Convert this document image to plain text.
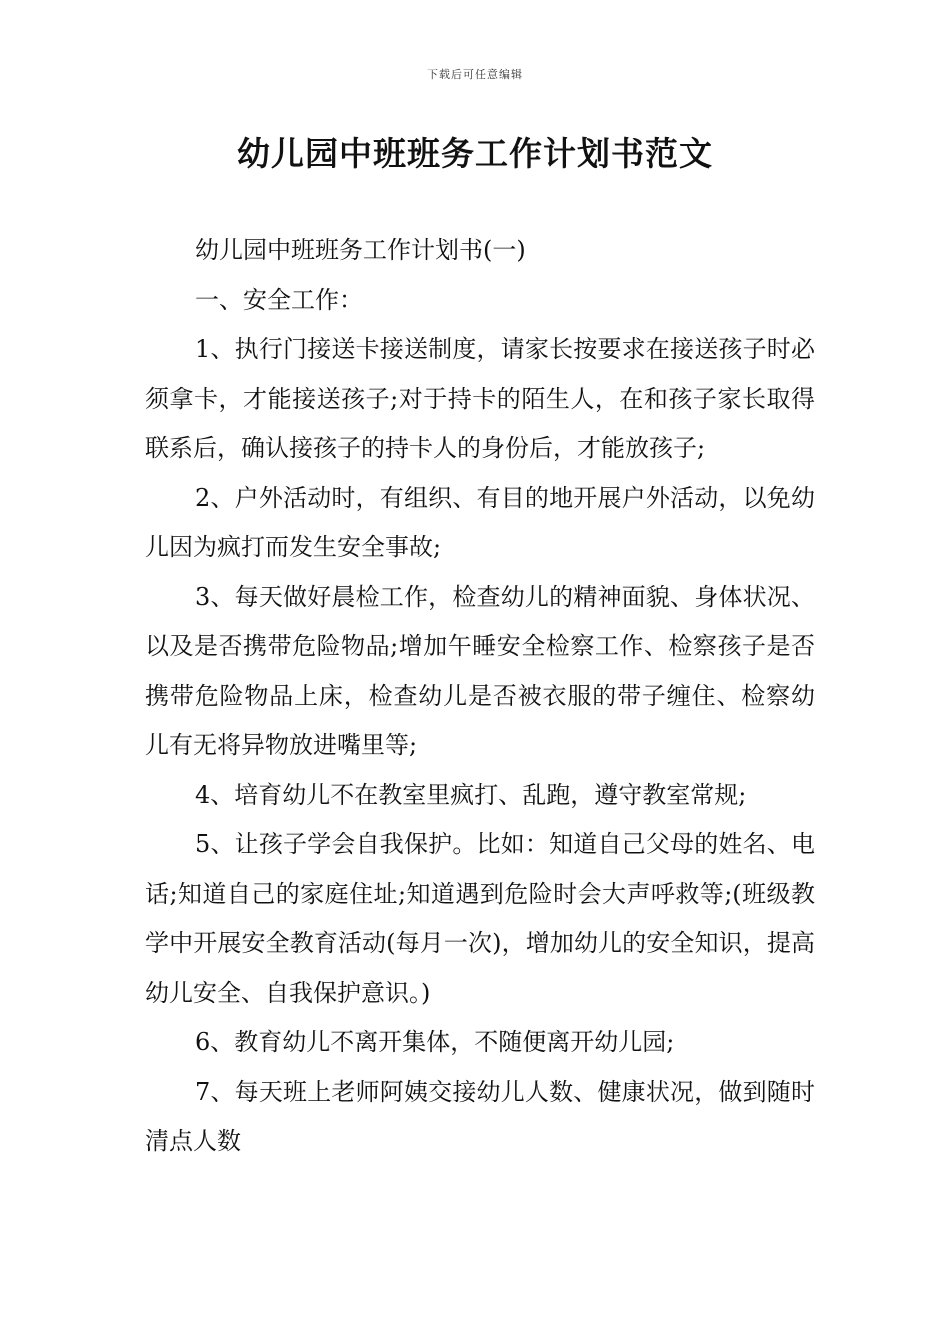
下载后可任意编辑
幼儿园中班班务工作计划书范文

幼儿园中班班务工作计划书(一)

一、安全工作：

1、执行门接送卡接送制度，请家长按要求在接送孩子时必须拿卡，才能接送孩子;对于持卡的陌生人，在和孩子家长取得联系后，确认接孩子的持卡人的身份后，才能放孩子;

2、户外活动时，有组织、有目的地开展户外活动，以免幼儿因为疯打而发生安全事故;

3、每天做好晨检工作，检查幼儿的精神面貌、身体状况、以及是否携带危险物品;增加午睡安全检察工作、检察孩子是否携带危险物品上床，检查幼儿是否被衣服的带子缠住、检察幼儿有无将异物放进嘴里等;

4、培育幼儿不在教室里疯打、乱跑，遵守教室常规;

5、让孩子学会自我保护。比如：知道自己父母的姓名、电话;知道自己的家庭住址;知道遇到危险时会大声呼救等;(班级教学中开展安全教育活动(每月一次)，增加幼儿的安全知识，提高幼儿安全、自我保护意识。)

6、教育幼儿不离开集体，不随便离开幼儿园;

7、每天班上老师阿姨交接幼儿人数、健康状况，做到随时清点人数
